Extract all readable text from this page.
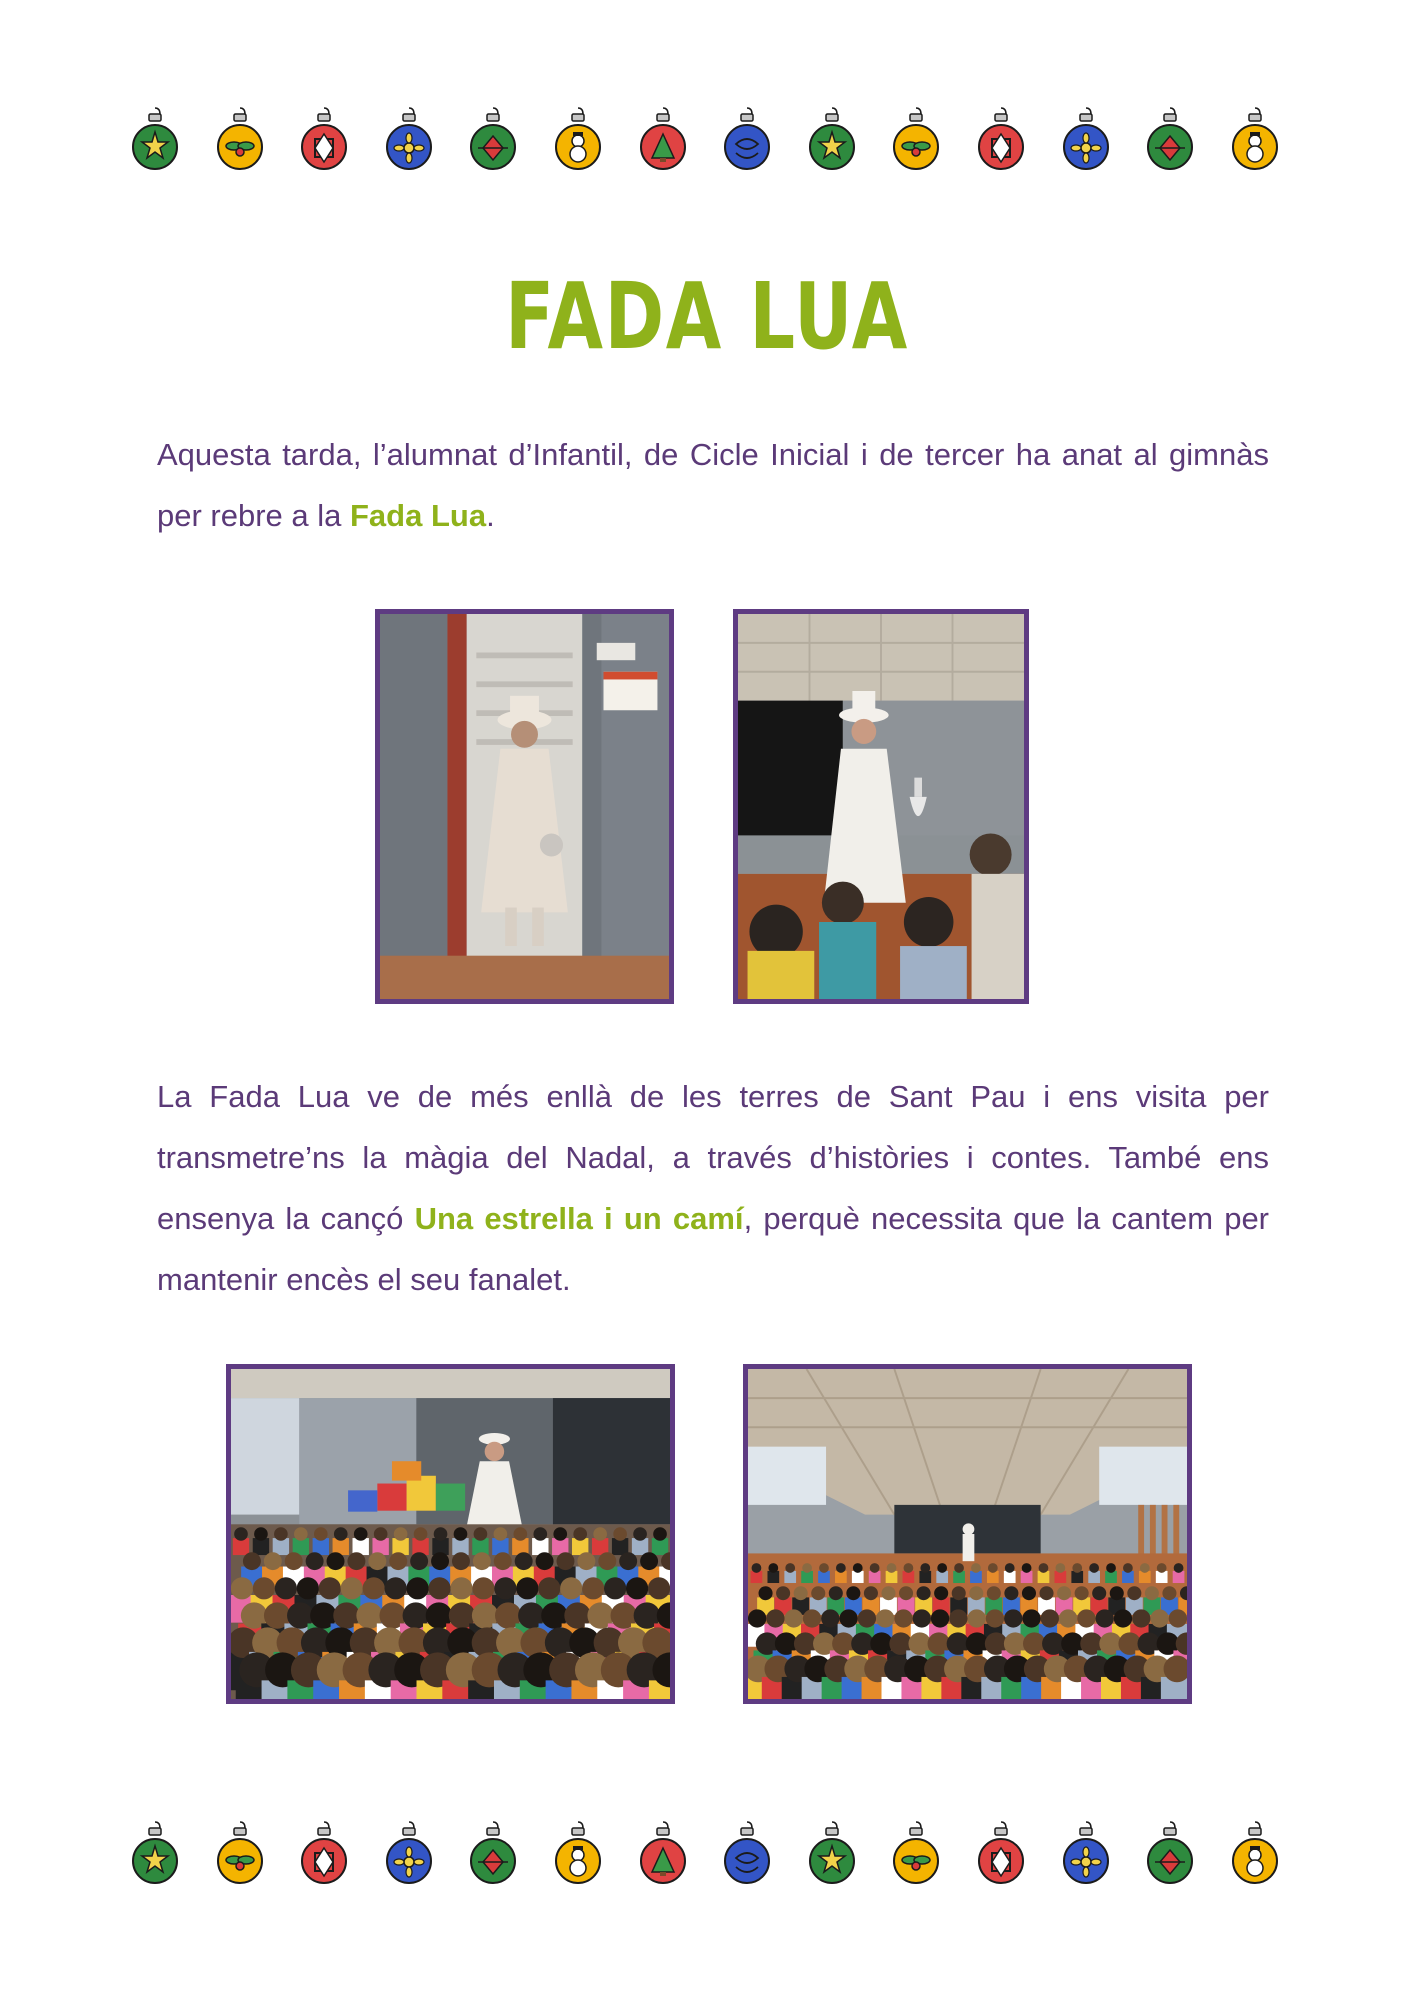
FADA LUA

Aquesta tarda, l’alumnat d’Infantil, de Cicle Inicial i de tercer ha anat al gimnàs per rebre a la Fada Lua.

La Fada Lua ve de més enllà de les terres de Sant Pau i ens visita per transmetre’ns la màgia del Nadal, a través d’històries i contes. També ens ensenya la cançó Una estrella i un camí, perquè necessita que la cantem per mantenir encès el seu fanalet.
